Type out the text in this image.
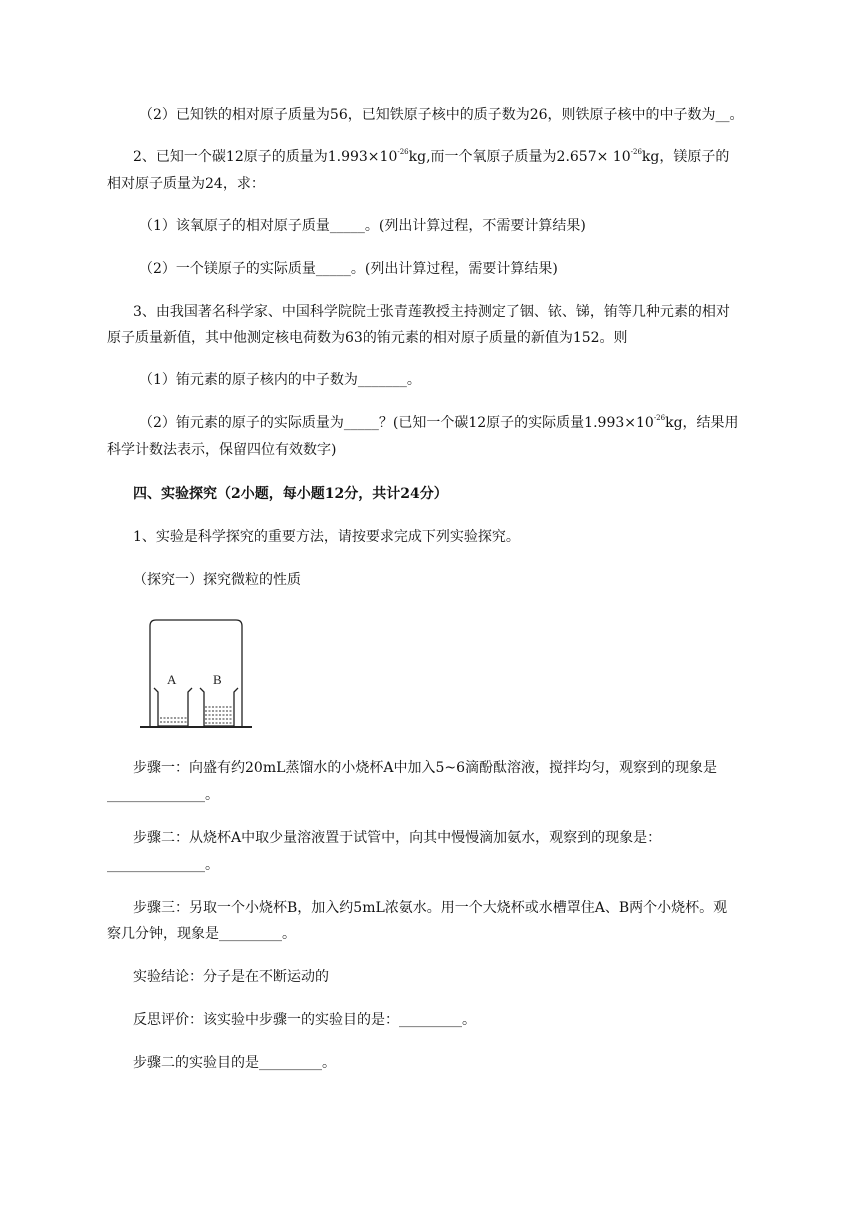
（2）已知铁的相对原子质量为56，已知铁原子核中的质子数为26，则铁原子核中的中子数为__。
2、已知一个碳12原子的质量为$1.993\times 10^{-26}kg$,而一个氧原子质量为$2.657\times 10^{-26}kg$，镁原子的
相对原子质量为24，求：
（1）该氧原子的相对原子质量_____。(列出计算过程，不需要计算结果)
（2）一个镁原子的实际质量_____。(列出计算过程，需要计算结果)
3、由我国著名科学家、中国科学院院士张青莲教授主持测定了铟、铱、锑，铕等几种元素的相对
原子质量新值，其中他测定核电荷数为63的铕元素的相对原子质量的新值为152。则
（1）铕元素的原子核内的中子数为_______。
（2）铕元素的原子的实际质量为_____？(已知一个碳12原子的实际质量$1.993\times 10^{-26}kg$，结果用
科学计数法表示，保留四位有效数字)
四、实验探究（2小题，每小题12分，共计24分）
1、实验是科学探究的重要方法，请按要求完成下列实验探究。
（探究一）探究微粒的性质
A	B
步骤一：向盛有约20mL蒸馏水的小烧杯A中加入5~6滴酚酞溶液，搅拌均匀，观察到的现象是
______________。
步骤二：从烧杯A中取少量溶液置于试管中，向其中慢慢滴加氨水，观察到的现象是：
______________。
步骤三：另取一个小烧杯B，加入约5mL浓氨水。用一个大烧杯或水槽罩住A、B两个小烧杯。观
察几分钟，现象是_________。
实验结论：分子是在不断运动的
反思评价：该实验中步骤一的实验目的是：_________。
步骤二的实验目的是_________。
